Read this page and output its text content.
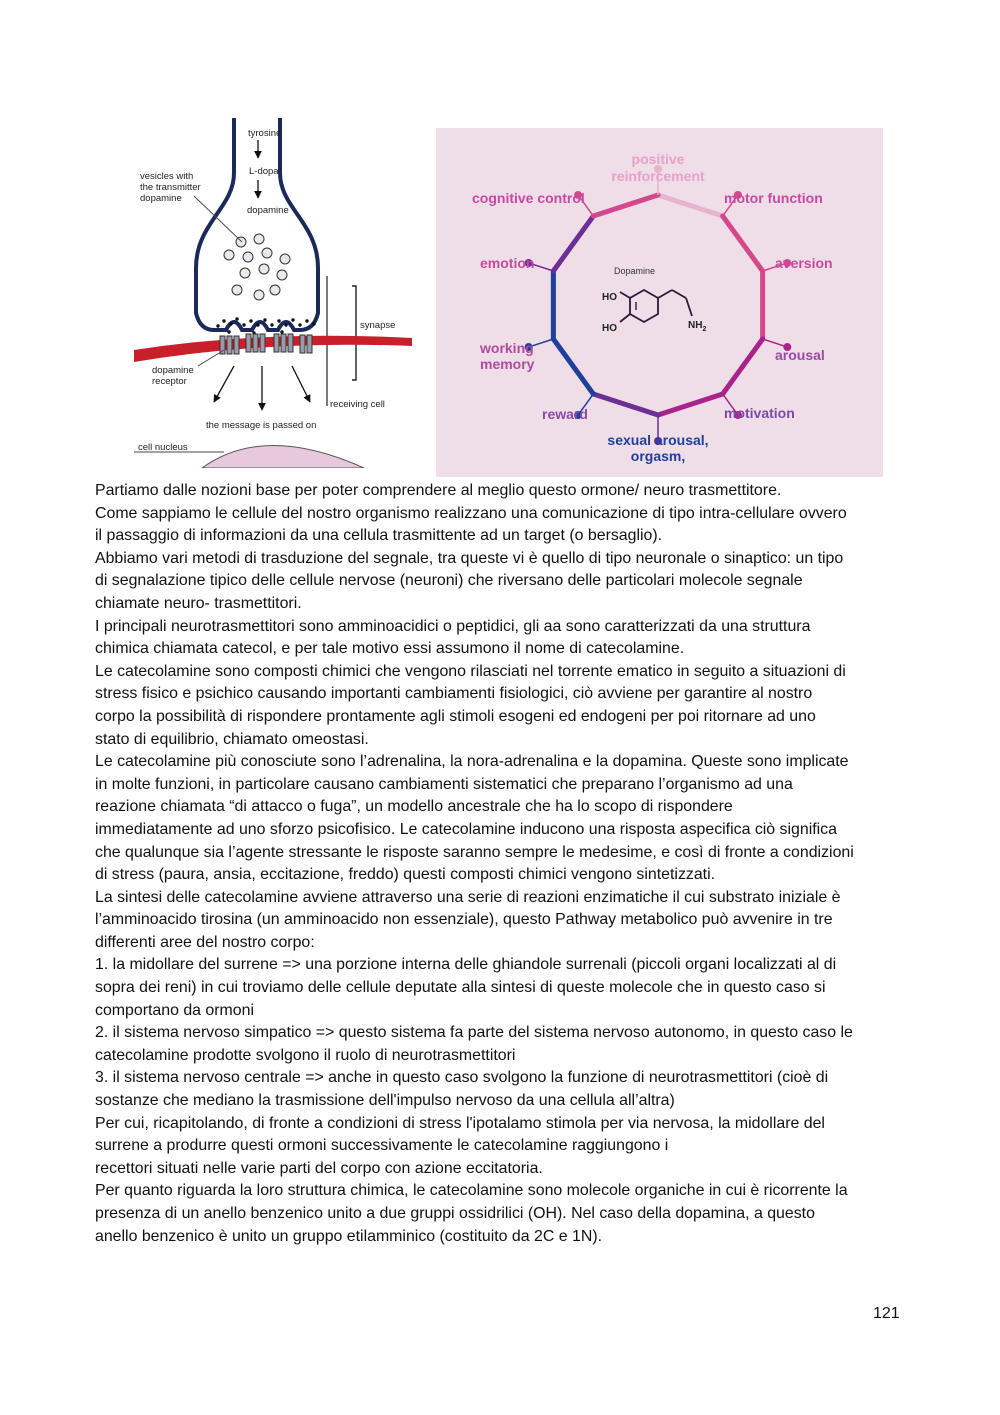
tyrosine
L-dopa
dopamine
vesicles with
the transmitter
dopamine
synapse
dopamine
receptor
receiving cell
the message is passed on
cell nucleus
Dopamine
HO
HO	$NH_2$
positive
reinforcement
motor function
cognitive control
emotion	aversion
working
memory
arousal
reward	motivation
sexual arousal,
orgasm,

Partiamo dalle nozioni base per poter comprendere al meglio questo ormone/ neuro trasmettitore.

Come sappiamo le cellule del nostro organismo realizzano una comunicazione di tipo intra-cellulare ovvero

il passaggio di informazioni da una cellula trasmittente ad un target (o bersaglio).

Abbiamo vari metodi di trasduzione del segnale, tra queste vi è quello di tipo neuronale o sinaptico: un tipo

di segnalazione tipico delle cellule nervose (neuroni) che riversano delle particolari molecole segnale

chiamate neuro- trasmettitori.

I principali neurotrasmettitori sono amminoacidici o peptidici, gli aa sono caratterizzati da una struttura

chimica chiamata catecol, e per tale motivo essi assumono il nome di catecolamine.

Le catecolamine sono composti chimici che vengono rilasciati nel torrente ematico in seguito a situazioni di

stress fisico e psichico causando importanti cambiamenti fisiologici, ciò avviene per garantire al nostro

corpo la possibilità di rispondere prontamente agli stimoli esogeni ed endogeni per poi ritornare ad uno

stato di equilibrio, chiamato omeostasi.

Le catecolamine più conosciute sono l’adrenalina, la nora-adrenalina e la dopamina. Queste sono implicate

in molte funzioni, in particolare causano cambiamenti sistematici che preparano l’organismo ad una

reazione chiamata “di attacco o fuga”, un modello ancestrale che ha lo scopo di rispondere

immediatamente ad uno sforzo psicofisico. Le catecolamine inducono una risposta aspecifica ciò significa

che qualunque sia l’agente stressante le risposte saranno sempre le medesime, e così di fronte a condizioni

di stress (paura, ansia, eccitazione, freddo) questi composti chimici vengono sintetizzati.

La sintesi delle catecolamine avviene attraverso una serie di reazioni enzimatiche il cui substrato iniziale è

l’amminoacido tirosina (un amminoacido non essenziale), questo Pathway metabolico può avvenire in tre

differenti aree del nostro corpo:

1. la midollare del surrene => una porzione interna delle ghiandole surrenali (piccoli organi localizzati al di

sopra dei reni) in cui troviamo delle cellule deputate alla sintesi di queste molecole che in questo caso si

comportano da ormoni

2. il sistema nervoso simpatico => questo sistema fa parte del sistema nervoso autonomo, in questo caso le

catecolamine prodotte svolgono il ruolo di neurotrasmettitori

3. il sistema nervoso centrale => anche in questo caso svolgono la funzione di neurotrasmettitori (cioè di

sostanze che mediano la trasmissione dell'impulso nervoso da una cellula all’altra)

Per cui, ricapitolando, di fronte a condizioni di stress l'ipotalamo stimola per via nervosa, la midollare del

surrene a produrre questi ormoni successivamente le catecolamine raggiungono i

recettori situati nelle varie parti del corpo con azione eccitatoria.

Per quanto riguarda la loro struttura chimica, le catecolamine sono molecole organiche in cui è ricorrente la

presenza di un anello benzenico unito a due gruppi ossidrilici (OH). Nel caso della dopamina, a questo

anello benzenico è unito un gruppo etilamminico (costituito da 2C e 1N).

121
